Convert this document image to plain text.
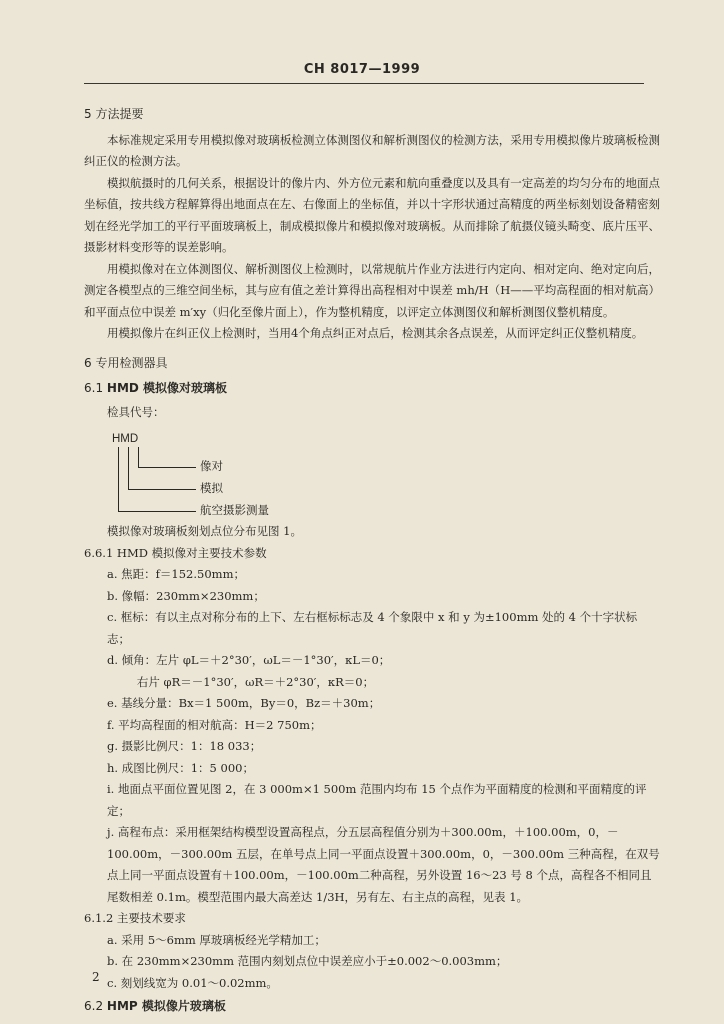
CH 8017—1999
5 方法提要

本标准规定采用专用模拟像对玻璃板检测立体测图仪和解析测图仪的检测方法，采用专用模拟像片玻璃板检测纠正仪的检测方法。

模拟航摄时的几何关系，根据设计的像片内、外方位元素和航向重叠度以及具有一定高差的均匀分布的地面点坐标值，按共线方程解算得出地面点在左、右像面上的坐标值，并以十字形状通过高精度的两坐标刻划设备精密刻划在经光学加工的平行平面玻璃板上，制成模拟像片和模拟像对玻璃板。从而排除了航摄仪镜头畸变、底片压平、摄影材料变形等的误差影响。

用模拟像对在立体测图仪、解析测图仪上检测时，以常规航片作业方法进行内定向、相对定向、绝对定向后，测定各模型点的三维空间坐标，其与应有值之差计算得出高程相对中误差 mh/H（H——平均高程面的相对航高）和平面点位中误差 m′xy（归化至像片面上），作为整机精度，以评定立体测图仪和解析测图仪整机精度。

用模拟像片在纠正仪上检测时，当用4个角点纠正对点后，检测其余各点误差，从而评定纠正仪整机精度。

6 专用检测器具
6.1 HMD 模拟像对玻璃板
检具代号：
HMD
像对
模拟
航空摄影测量
模拟像对玻璃板刻划点位分布见图 1。
6.6.1 HMD 模拟像对主要技术参数
a. 焦距：f＝152.50mm；
b. 像幅：230mm×230mm；
c. 框标：有以主点对称分布的上下、左右框标标志及 4 个象限中 x 和 y 为±100mm 处的 4 个十字状标志；
d. 倾角：左片 φL＝＋2°30′，ωL＝－1°30′，κL＝0；
右片 φR＝－1°30′，ωR＝＋2°30′，κR＝0；
e. 基线分量：Bx＝1 500m，By＝0，Bz＝＋30m；
f. 平均高程面的相对航高：H＝2 750m；
g. 摄影比例尺：1：18 033；
h. 成图比例尺：1：5 000；
i. 地面点平面位置见图 2，在 3 000m×1 500m 范围内均布 15 个点作为平面精度的检测和平面精度的评定；
j. 高程布点：采用框架结构模型设置高程点，分五层高程值分别为＋300.00m，＋100.00m，0，－100.00m，－300.00m 五层，在单号点上同一平面点设置＋300.00m，0，－300.00m 三种高程，在双号点上同一平面点设置有＋100.00m，－100.00m二种高程，另外设置 16～23 号 8 个点，高程各不相同且尾数相差 0.1m。模型范围内最大高差达 1/3H，另有左、右主点的高程，见表 1。
6.1.2 主要技术要求
a. 采用 5～6mm 厚玻璃板经光学精加工；
b. 在 230mm×230mm 范围内刻划点位中误差应小于±0.002～0.003mm；
c. 刻划线宽为 0.01～0.02mm。
6.2 HMP 模拟像片玻璃板
2
